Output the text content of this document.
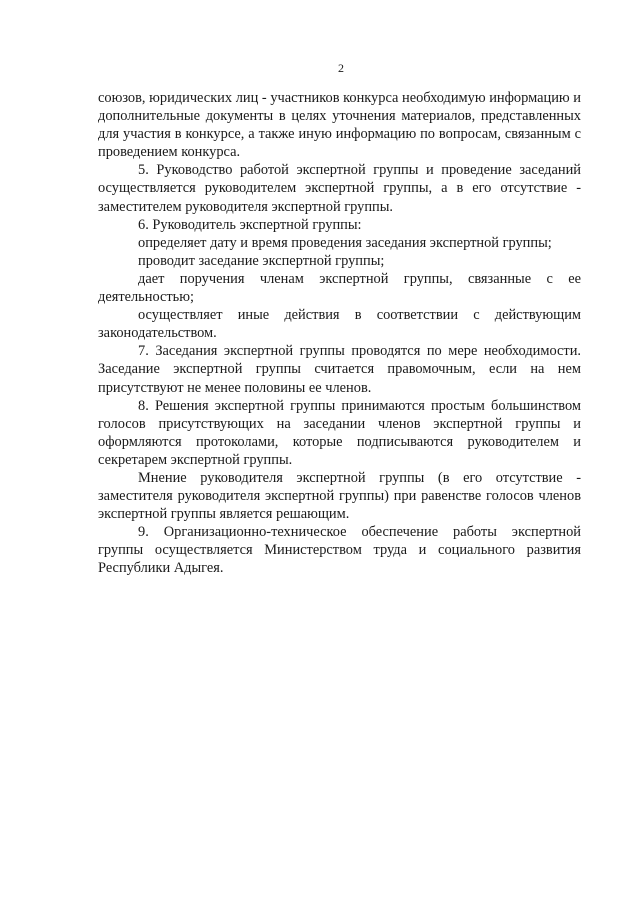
2

союзов, юридических лиц - участников конкурса необходимую информацию и дополнительные документы в целях уточнения материалов, представленных для участия в конкурсе, а также иную информацию по вопросам, связанным с проведением конкурса.

5. Руководство работой экспертной группы и проведение заседаний осуществляется руководителем экспертной группы, а в его отсутствие - заместителем руководителя экспертной группы.

6. Руководитель экспертной группы:

определяет дату и время проведения заседания экспертной группы;

проводит заседание экспертной группы;

дает поручения членам экспертной группы, связанные с ее деятельностью;

осуществляет иные действия в соответствии с действующим законодательством.

7. Заседания экспертной группы проводятся по мере необходимости. Заседание экспертной группы считается правомочным, если на нем присутствуют не менее половины ее членов.

8. Решения экспертной группы принимаются простым большинством голосов присутствующих на заседании членов экспертной группы и оформляются протоколами, которые подписываются руководителем и секретарем экспертной группы.

Мнение руководителя экспертной группы (в его отсутствие - заместителя руководителя экспертной группы) при равенстве голосов членов экспертной группы является решающим.

9. Организационно-техническое обеспечение работы экспертной группы осуществляется Министерством труда и социального развития Республики Адыгея.
